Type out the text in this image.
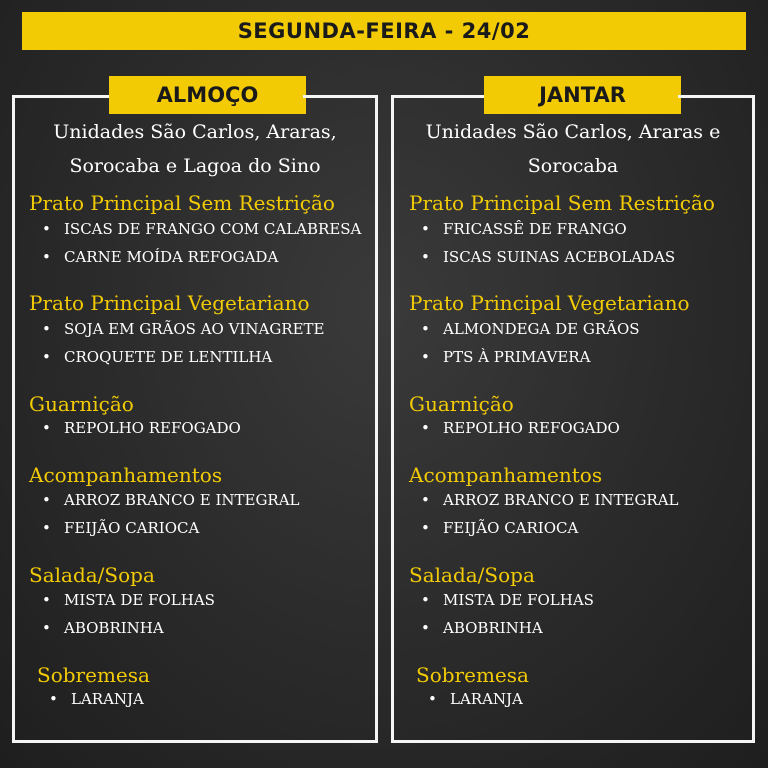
SEGUNDA-FEIRA - 24/02
ALMOÇO
Unidades São Carlos, Araras,
Sorocaba e Lagoa do Sino
Prato Principal Sem Restrição
• ISCAS DE FRANGO COM CALABRESA
• CARNE MOÍDA REFOGADA
Prato Principal Vegetariano
• SOJA EM GRÃOS AO VINAGRETE
• CROQUETE DE LENTILHA
Guarnição
• REPOLHO REFOGADO
Acompanhamentos
• ARROZ BRANCO E INTEGRAL
• FEIJÃO CARIOCA
Salada/Sopa
• MISTA DE FOLHAS
• ABOBRINHA
Sobremesa
• LARANJA
JANTAR
Unidades São Carlos, Araras e
Sorocaba
Prato Principal Sem Restrição
• FRICASSÊ DE FRANGO
• ISCAS SUINAS ACEBOLADAS
Prato Principal Vegetariano
• ALMONDEGA DE GRÃOS
• PTS À PRIMAVERA
Guarnição
• REPOLHO REFOGADO
Acompanhamentos
• ARROZ BRANCO E INTEGRAL
• FEIJÃO CARIOCA
Salada/Sopa
• MISTA DE FOLHAS
• ABOBRINHA
Sobremesa
• LARANJA
